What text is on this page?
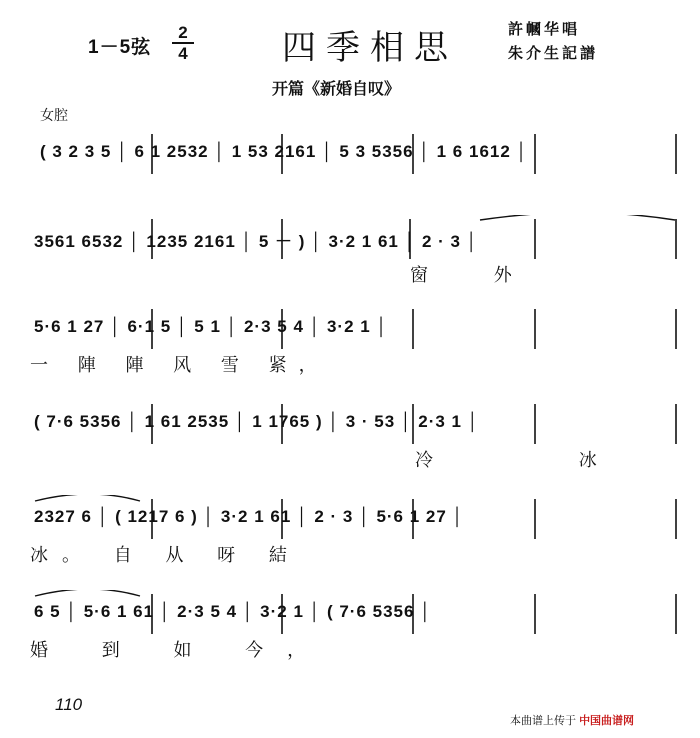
1－5弦
2
4	四季相思	許幗华唱
朱介生記譜
开篇《新婚自叹》
女腔
( 3 2 3 5 │ 6 1 2532 │ 1 53 2161 │ 5 3 5356 │ 1 6 1612 │
3561 6532 │ 1235 2161 │ 5 － ) │ 3·2 1 61 │ 2 · 3 │
窗 外
5·6 1 27 │ 6·1 5 │ 5 1 │ 2·3 5 4 │ 3·2 1 │
一 陣 陣 风 雪 紧，
( 7·6 5356 │ 1 61 2535 │ 1 1765 ) │ 3 · 53 │ 2·3 1 │
冷 冰
2327 6 │ ( 1217 6 ) │ 3·2 1 61 │ 2 · 3 │ 5·6 1 27 │
冰。 自 从 呀 結
6 5 │ 5·6 1 61 │ 2·3 5 4 │ 3·2 1 │ ( 7·6 5356 │
婚 到 如 今，
110
本曲谱上传于 中国曲谱网
